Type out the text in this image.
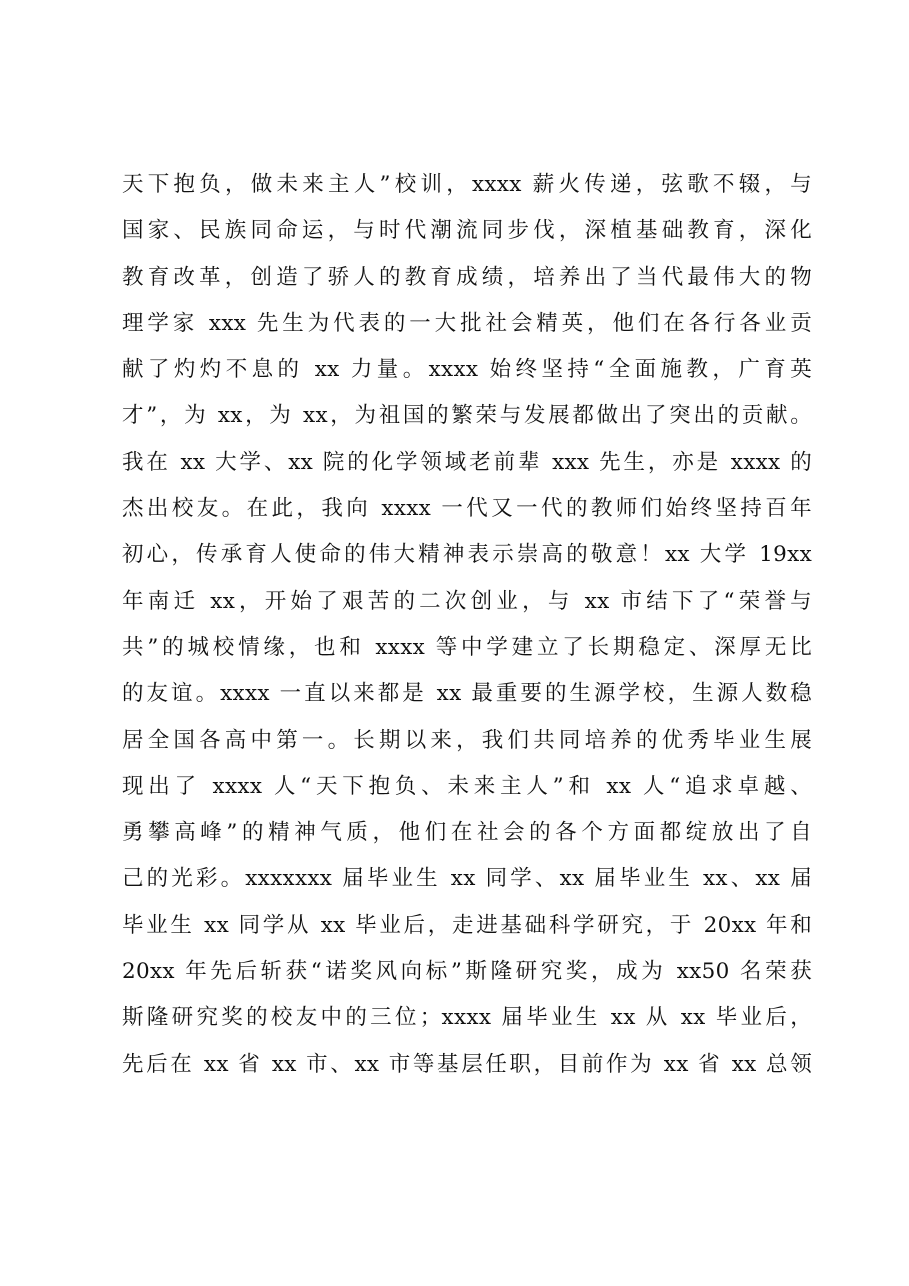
天下抱负，做未来主人”校训，xxxx 薪火传递，弦歌不辍，与
国家、民族同命运，与时代潮流同步伐，深植基础教育，深化
教育改革，创造了骄人的教育成绩，培养出了当代最伟大的物
理学家 xxx 先生为代表的一大批社会精英，他们在各行各业贡
献了灼灼不息的 xx 力量。xxxx 始终坚持“全面施教，广育英
才”，为 xx，为 xx，为祖国的繁荣与发展都做出了突出的贡献。
我在 xx 大学、xx 院的化学领域老前辈 xxx 先生，亦是 xxxx 的
杰出校友。在此，我向 xxxx 一代又一代的教师们始终坚持百年
初心，传承育人使命的伟大精神表示崇高的敬意！xx 大学 19xx
年南迁 xx，开始了艰苦的二次创业，与 xx 市结下了“荣誉与
共”的城校情缘，也和 xxxx 等中学建立了长期稳定、深厚无比
的友谊。xxxx 一直以来都是 xx 最重要的生源学校，生源人数稳
居全国各高中第一。长期以来，我们共同培养的优秀毕业生展
现出了 xxxx 人“天下抱负、未来主人”和 xx 人“追求卓越、
勇攀高峰”的精神气质，他们在社会的各个方面都绽放出了自
己的光彩。xxxxxxx 届毕业生 xx 同学、xx 届毕业生 xx、xx 届
毕业生 xx 同学从 xx 毕业后，走进基础科学研究，于 20xx 年和
20xx 年先后斩获“诺奖风向标”斯隆研究奖，成为 xx50 名荣获
斯隆研究奖的校友中的三位；xxxx 届毕业生 xx 从 xx 毕业后，
先后在 xx 省 xx 市、xx 市等基层任职，目前作为 xx 省 xx 总领
